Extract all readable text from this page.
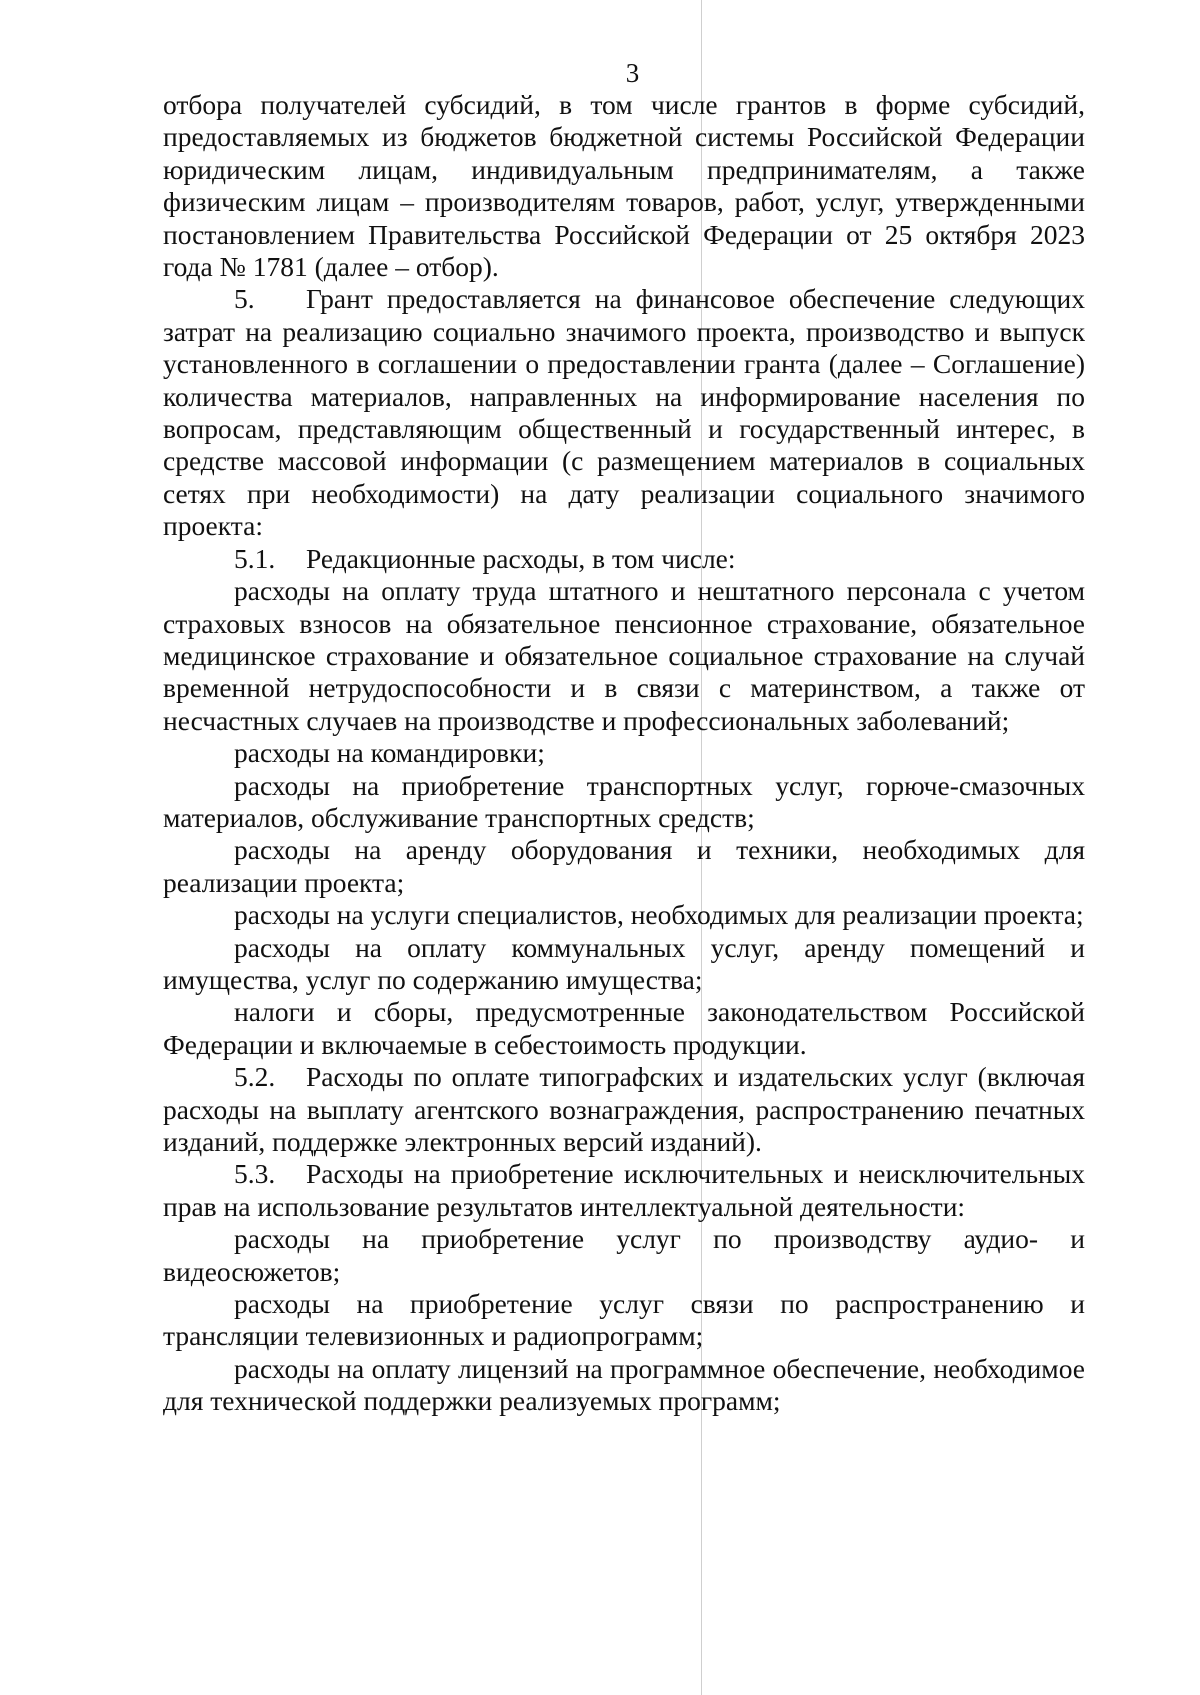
3

отбора получателей субсидий, в том числе грантов в форме субсидий, предоставляемых из бюджетов бюджетной системы Российской Федерации юридическим лицам, индивидуальным предпринимателям, а также физическим лицам – производителям товаров, работ, услуг, утвержденными постановлением Правительства Российской Федерации от 25 октября 2023 года № 1781 (далее – отбор).

5. Грант предоставляется на финансовое обеспечение следующих затрат на реализацию социально значимого проекта, производство и выпуск установленного в соглашении о предоставлении гранта (далее – Соглашение) количества материалов, направленных на информирование населения по вопросам, представляющим общественный и государственный интерес, в средстве массовой информации (с размещением материалов в социальных сетях при необходимости) на дату реализации социального значимого проекта:

5.1. Редакционные расходы, в том числе:

расходы на оплату труда штатного и нештатного персонала с учетом страховых взносов на обязательное пенсионное страхование, обязательное медицинское страхование и обязательное социальное страхование на случай временной нетрудоспособности и в связи с материнством, а также от несчастных случаев на производстве и профессиональных заболеваний;

расходы на командировки;

расходы на приобретение транспортных услуг, горюче-смазочных материалов, обслуживание транспортных средств;

расходы на аренду оборудования и техники, необходимых для реализации проекта;

расходы на услуги специалистов, необходимых для реализации проекта;

расходы на оплату коммунальных услуг, аренду помещений и имущества, услуг по содержанию имущества;

налоги и сборы, предусмотренные законодательством Российской Федерации и включаемые в себестоимость продукции.

5.2. Расходы по оплате типографских и издательских услуг (включая расходы на выплату агентского вознаграждения, распространению печатных изданий, поддержке электронных версий изданий).

5.3. Расходы на приобретение исключительных и неисключительных прав на использование результатов интеллектуальной деятельности:

расходы на приобретение услуг по производству аудио- и видеосюжетов;

расходы на приобретение услуг связи по распространению и трансляции телевизионных и радиопрограмм;

расходы на оплату лицензий на программное обеспечение, необходимое для технической поддержки реализуемых программ;
